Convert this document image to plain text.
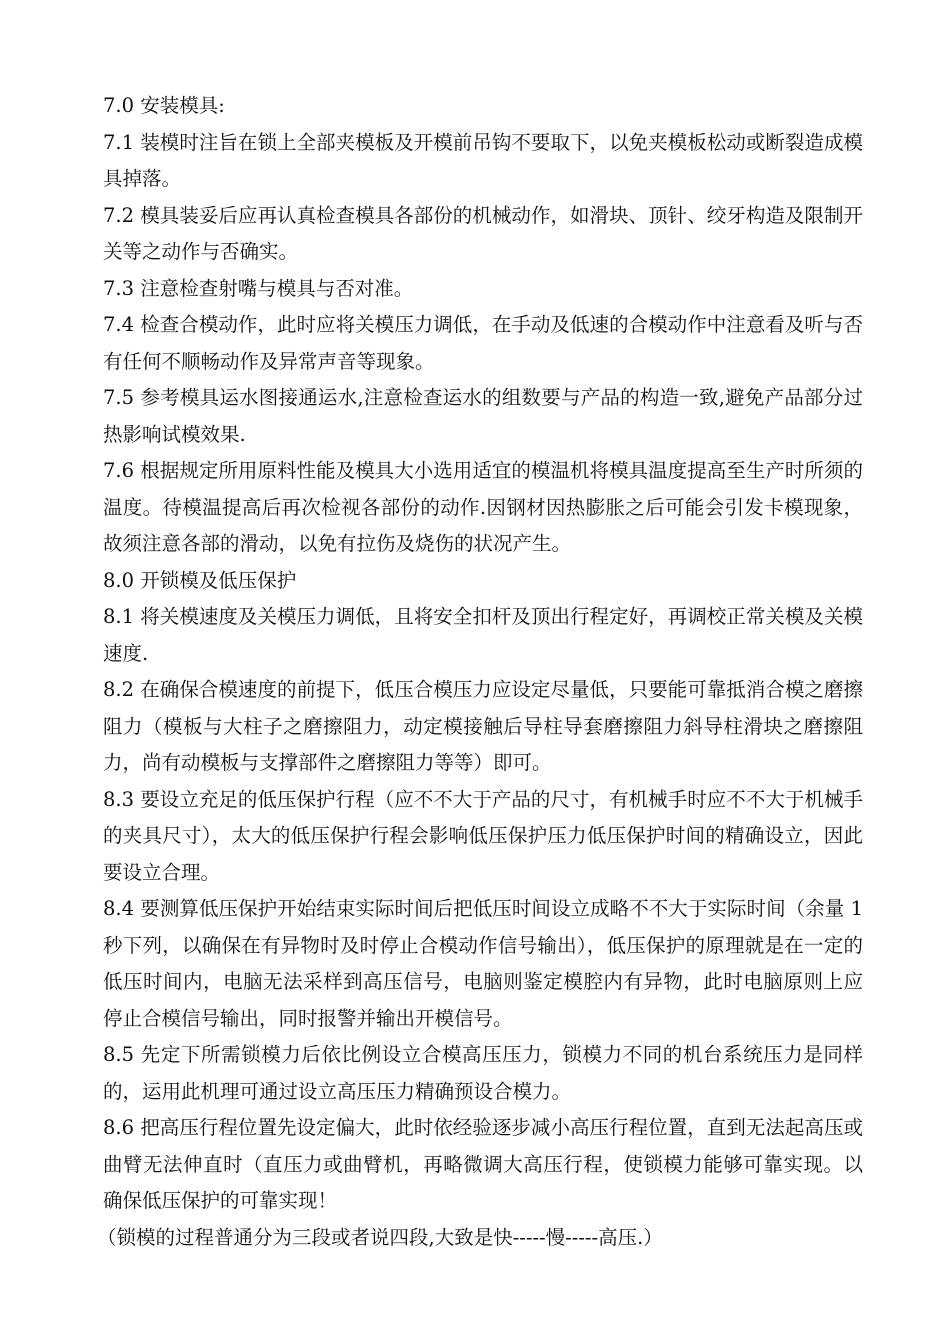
7.0 安装模具:

7.1 装模时注旨在锁上全部夹模板及开模前吊钩不要取下，以免夹模板松动或断裂造成模具掉落。

7.2 模具装妥后应再认真检查模具各部份的机械动作，如滑块、顶针、绞牙构造及限制开关等之动作与否确实。

7.3 注意检查射嘴与模具与否对准。

7.4 检查合模动作，此时应将关模压力调低，在手动及低速的合模动作中注意看及听与否有任何不顺畅动作及异常声音等现象。

7.5 参考模具运水图接通运水,注意检查运水的组数要与产品的构造一致,避免产品部分过热影响试模效果.

7.6 根据规定所用原料性能及模具大小选用适宜的模温机将模具温度提高至生产时所须的温度。待模温提高后再次检视各部份的动作.因钢材因热膨胀之后可能会引发卡模现象，故须注意各部的滑动，以免有拉伤及烧伤的状况产生。

8.0 开锁模及低压保护

8.1 将关模速度及关模压力调低，且将安全扣杆及顶出行程定好，再调校正常关模及关模速度.

8.2 在确保合模速度的前提下，低压合模压力应设定尽量低，只要能可靠抵消合模之磨擦阻力（模板与大柱子之磨擦阻力，动定模接触后导柱导套磨擦阻力斜导柱滑块之磨擦阻力，尚有动模板与支撑部件之磨擦阻力等等）即可。

8.3 要设立充足的低压保护行程（应不不大于产品的尺寸，有机械手时应不不大于机械手的夹具尺寸），太大的低压保护行程会影响低压保护压力低压保护时间的精确设立，因此要设立合理。

8.4 要测算低压保护开始结束实际时间后把低压时间设立成略不不大于实际时间（余量 1 秒下列，以确保在有异物时及时停止合模动作信号输出），低压保护的原理就是在一定的低压时间内，电脑无法采样到高压信号，电脑则鉴定模腔内有异物，此时电脑原则上应停止合模信号输出，同时报警并输出开模信号。

8.5 先定下所需锁模力后依比例设立合模高压压力，锁模力不同的机台系统压力是同样的，运用此机理可通过设立高压压力精确预设合模力。

8.6 把高压行程位置先设定偏大，此时依经验逐步减小高压行程位置，直到无法起高压或曲臂无法伸直时（直压力或曲臂机，再略微调大高压行程，使锁模力能够可靠实现。以确保低压保护的可靠实现！

（锁模的过程普通分为三段或者说四段,大致是快-----慢-----高压.）
